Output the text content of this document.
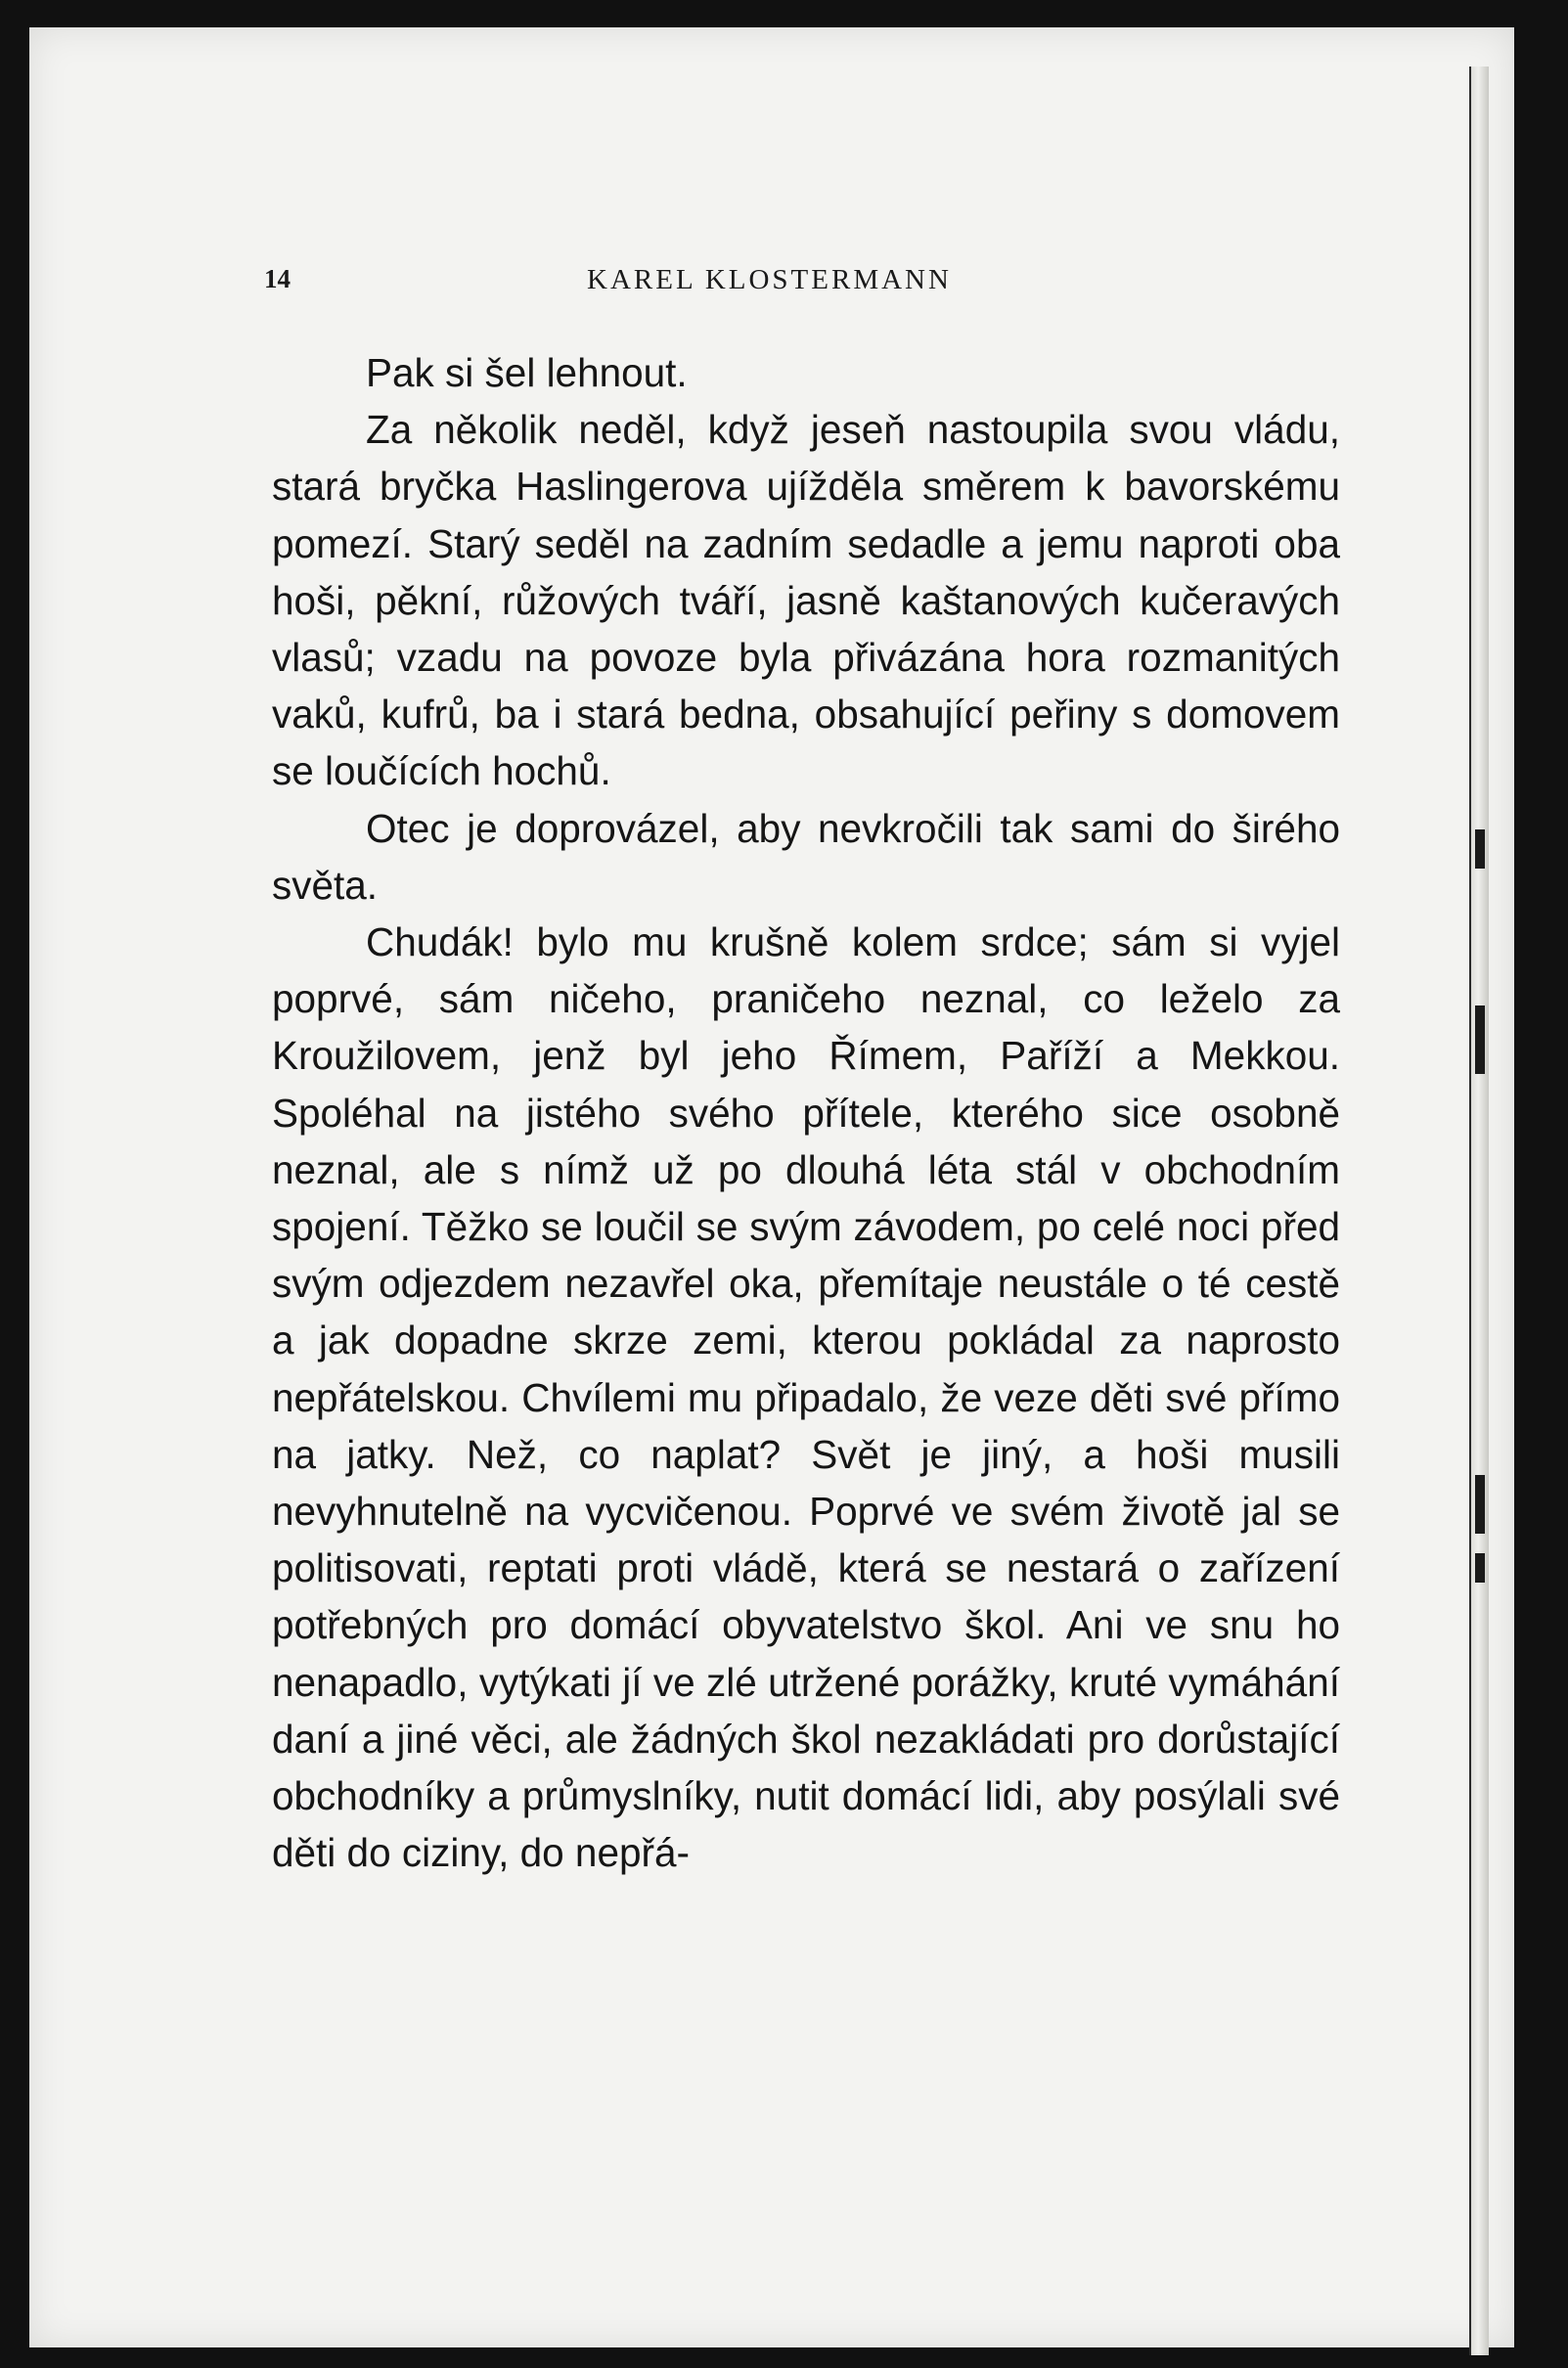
14	KAREL KLOSTERMANN

Pak si šel lehnout.

Za několik neděl, když jeseň nastoupila svou vládu, stará bryčka Haslingerova ujížděla směrem k bavorskému pomezí. Starý seděl na zadním sedadle a jemu naproti oba hoši, pěkní, růžových tváří, jasně kaštanových kučeravých vlasů; vzadu na povoze byla přivázána hora rozmanitých vaků, kufrů, ba i stará bedna, obsahující peřiny s domovem se loučících hochů.

Otec je doprovázel, aby nevkročili tak sami do širého světa.

Chudák! bylo mu krušně kolem srdce; sám si vyjel poprvé, sám ničeho, praničeho neznal, co leželo za Kroužilovem, jenž byl jeho Římem, Paříží a Mekkou. Spoléhal na jistého svého přítele, kterého sice osobně neznal, ale s nímž už po dlouhá léta stál v obchodním spojení. Těžko se loučil se svým závodem, po celé noci před svým odjezdem nezavřel oka, přemítaje neustále o té cestě a jak dopadne skrze zemi, kterou pokládal za naprosto nepřátelskou. Chvílemi mu připadalo, že veze děti své přímo na jatky. Než, co naplat? Svět je jiný, a hoši musili nevyhnutelně na vycvičenou. Poprvé ve svém životě jal se politisovati, reptati proti vládě, která se nestará o zařízení potřebných pro domácí obyvatelstvo škol. Ani ve snu ho nenapadlo, vytýkati jí ve zlé utržené porážky, kruté vymáhání daní a jiné věci, ale žádných škol nezakládati pro dorůstající obchodníky a průmyslníky, nutit domácí lidi, aby posýlali své děti do ciziny, do nepřá-
